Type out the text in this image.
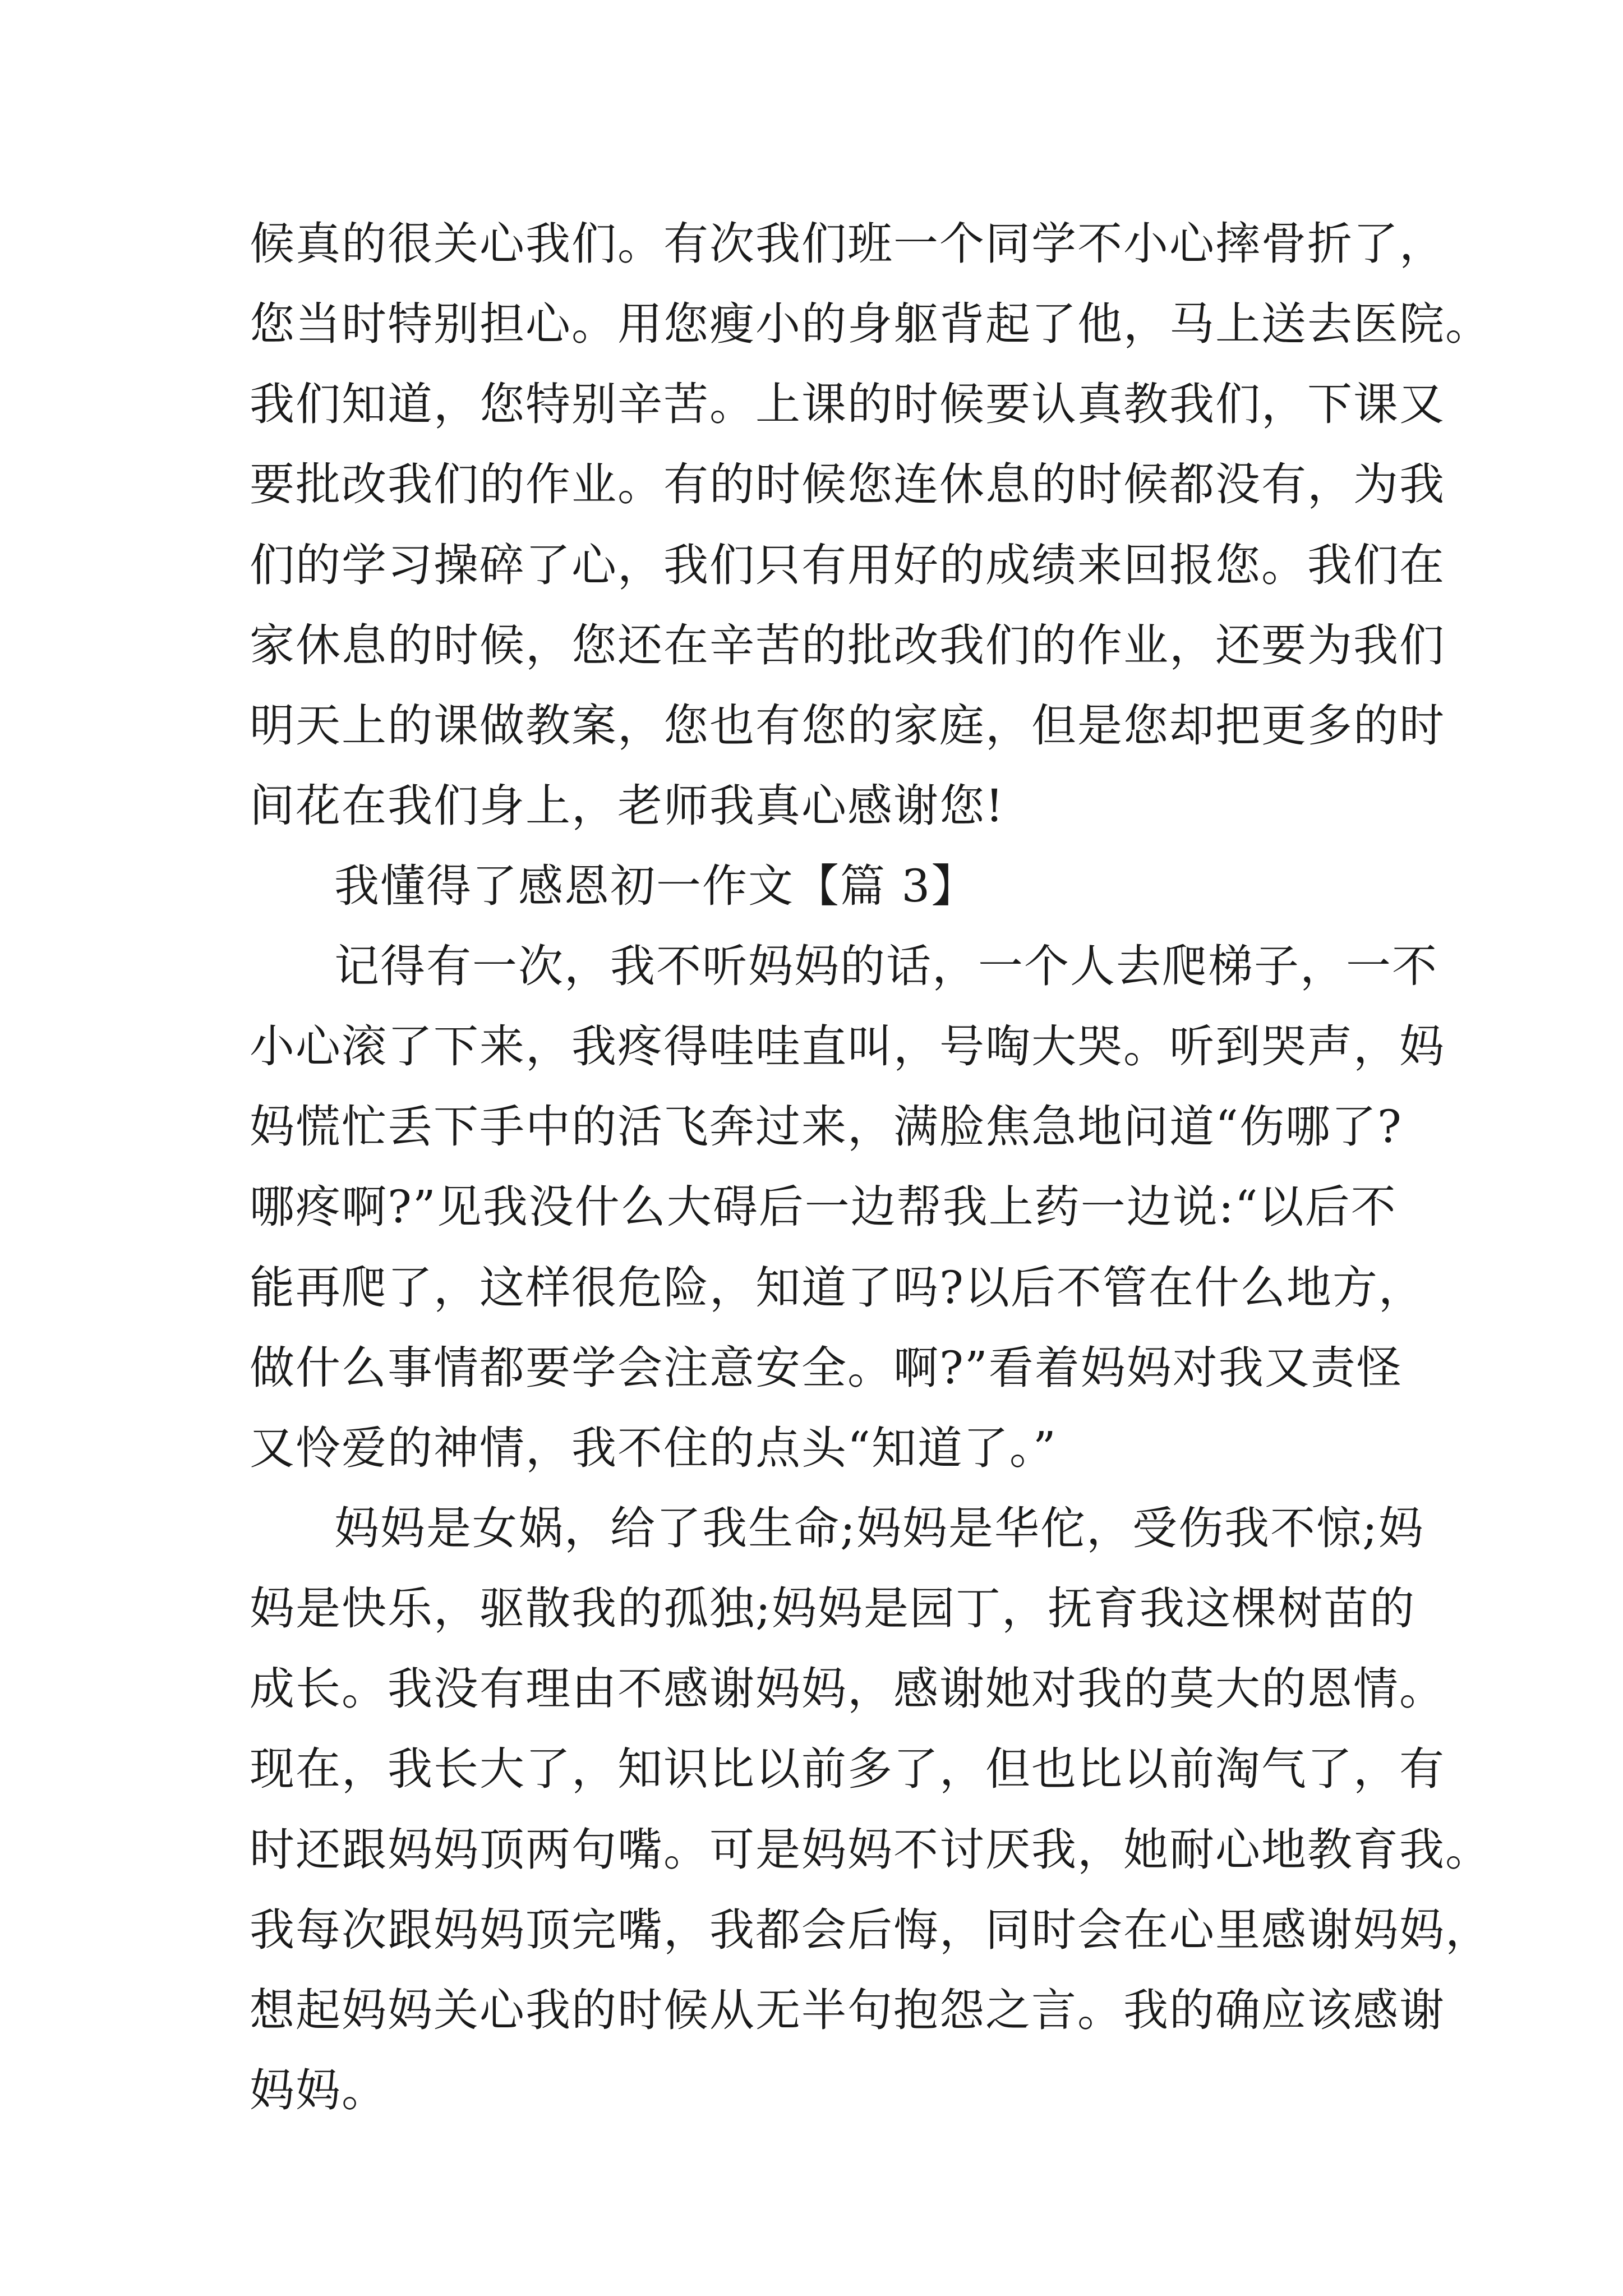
候真的很关心我们。有次我们班一个同学不小心摔骨折了，
您当时特别担心。用您瘦小的身躯背起了他，马上送去医院。
我们知道，您特别辛苦。上课的时候要认真教我们，下课又
要批改我们的作业。有的时候您连休息的时候都没有，为我
们的学习操碎了心，我们只有用好的成绩来回报您。我们在
家休息的时候，您还在辛苦的批改我们的作业，还要为我们
明天上的课做教案，您也有您的家庭，但是您却把更多的时
间花在我们身上，老师我真心感谢您!
我懂得了感恩初一作文【篇 3】
记得有一次，我不听妈妈的话，一个人去爬梯子，一不
小心滚了下来，我疼得哇哇直叫，号啕大哭。听到哭声，妈
妈慌忙丢下手中的活飞奔过来，满脸焦急地问道“伤哪了?
哪疼啊?”见我没什么大碍后一边帮我上药一边说:“以后不
能再爬了，这样很危险，知道了吗?以后不管在什么地方，
做什么事情都要学会注意安全。啊?”看着妈妈对我又责怪
又怜爱的神情，我不住的点头“知道了。”
妈妈是女娲，给了我生命;妈妈是华佗，受伤我不惊;妈
妈是快乐，驱散我的孤独;妈妈是园丁，抚育我这棵树苗的
成长。我没有理由不感谢妈妈，感谢她对我的莫大的恩情。
现在，我长大了，知识比以前多了，但也比以前淘气了，有
时还跟妈妈顶两句嘴。可是妈妈不讨厌我，她耐心地教育我。
我每次跟妈妈顶完嘴，我都会后悔，同时会在心里感谢妈妈，
想起妈妈关心我的时候从无半句抱怨之言。我的确应该感谢
妈妈。
